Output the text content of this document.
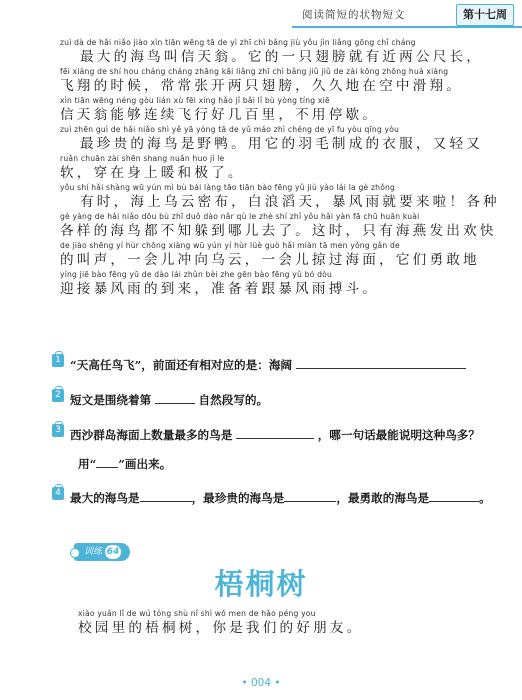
阅读简短的状物短文	第十七周
zuì dà de hǎi niǎo jiào xìn tiān wēng tā de yì zhī chì bǎng jiù yǒu jìn liǎng gōng chǐ cháng
最大的海鸟叫信天翁。它的一只翅膀就有近两公尺长，
fēi xiáng de shí hou cháng cháng zhāng kāi liǎng zhī chì bǎng jiǔ jiǔ de zài kōng zhōng huá xiáng
飞翔的时候，常常张开两只翅膀，久久地在空中滑翔。
xìn tiān wēng néng gòu lián xù fēi xíng hǎo jǐ bǎi lǐ bù yòng tíng xiē
信天翁能够连续飞行好几百里，不用停歇。
zuì zhēn guì de hǎi niǎo shì yě yā yòng tā de yǔ máo zhì chéng de yī fu yòu qīng yòu
最珍贵的海鸟是野鸭。用它的羽毛制成的衣服，又轻又
ruǎn chuān zài shēn shang nuǎn huo jí le
软，穿在身上暖和极了。
yǒu shí hǎi shàng wū yún mì bù bái làng tāo tiān bào fēng yǔ jiù yào lái la gè zhǒng
有时，海上乌云密布，白浪滔天，暴风雨就要来啦！各种
gè yàng de hǎi niǎo dōu bù zhī duǒ dào nǎr qù le zhè shí zhǐ yǒu hǎi yàn fā chū huān kuài
各样的海鸟都不知躲到哪儿去了。这时，只有海燕发出欢快
de jiào shēng yí hùr chōng xiàng wū yún yí hùr lüè guò hǎi miàn tā men yǒng gǎn de
的叫声，一会儿冲向乌云，一会儿掠过海面，它们勇敢地
yíng jiē bào fēng yǔ de dào lái zhǔn bèi zhe gēn bào fēng yǔ bó dòu
迎接暴风雨的到来，准备着跟暴风雨搏斗。
1 “天高任鸟飞”，前面还有相对应的是：海阔
2 短文是围绕着第	自然段写的。
3 西沙群岛海面上数量最多的鸟是	，哪一句话最能说明这种鸟多？
用“ ”画出来。
4 最大的海鸟是	，最珍贵的海鸟是	，最勇敢的海鸟是	。
训练 64
梧桐树
xiào yuán lǐ de wú tóng shù nǐ shì wǒ men de hǎo péng you
校园里的梧桐树，你是我们的好朋友。
• 004 •
